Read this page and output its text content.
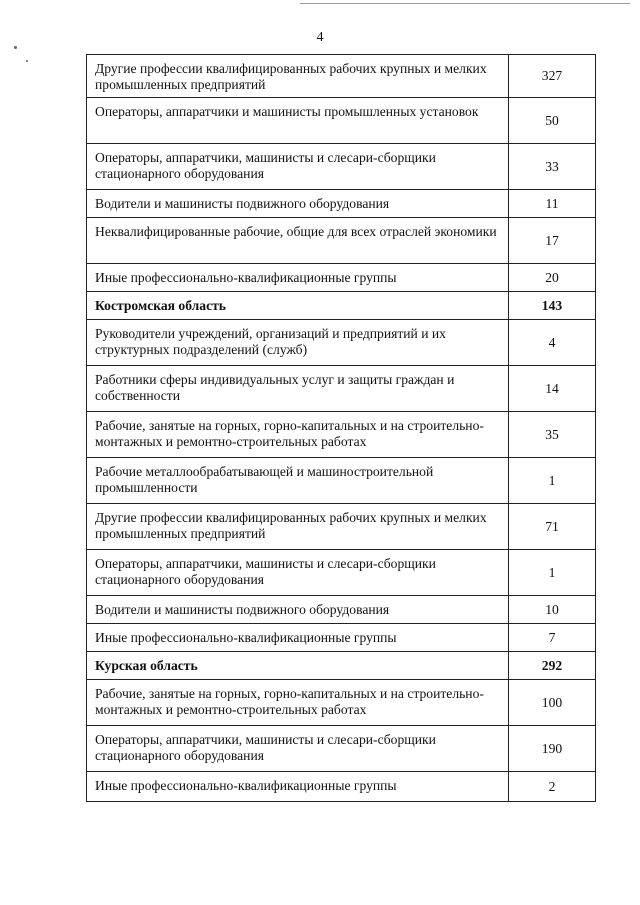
4
Другие профессии квалифицированных рабочих крупных и мелких промышленных предприятий	327
Операторы, аппаратчики и машинисты промышленных установок	50
Операторы, аппаратчики, машинисты и слесари-сборщики стационарного оборудования	33
Водители и машинисты подвижного оборудования	11
Неквалифицированные рабочие, общие для всех отраслей экономики	17
Иные профессионально-квалификационные группы	20
Костромская область	143
Руководители учреждений, организаций и предприятий и их структурных подразделений (служб)	4
Работники сферы индивидуальных услуг и защиты граждан и собственности	14
Рабочие, занятые на горных, горно-капитальных и на строительно-монтажных и ремонтно-строительных работах	35
Рабочие металлообрабатывающей и машиностроительной промышленности	1
Другие профессии квалифицированных рабочих крупных и мелких промышленных предприятий	71
Операторы, аппаратчики, машинисты и слесари-сборщики стационарного оборудования	1
Водители и машинисты подвижного оборудования	10
Иные профессионально-квалификационные группы	7
Курская область	292
Рабочие, занятые на горных, горно-капитальных и на строительно-монтажных и ремонтно-строительных работах	100
Операторы, аппаратчики, машинисты и слесари-сборщики стационарного оборудования	190
Иные профессионально-квалификационные группы	2
